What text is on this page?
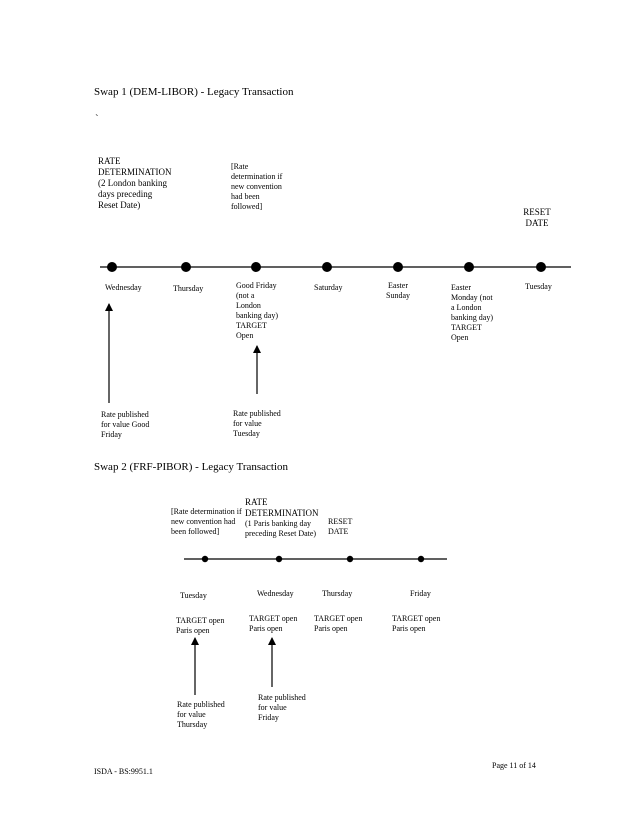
Swap 1 (DEM-LIBOR) - Legacy Transaction
`
RATE
DETERMINATION
(2 London banking
days preceding
Reset Date)
[Rate
determination if
new convention
had been
followed]
RESET
DATE
Wednesday	Thursday	Good Friday
(not a
London
banking day)
TARGET
Open
Saturday	Easter
Sunday
Easter
Monday (not
a London
banking day)
TARGET
Open
Tuesday
Rate published
for value Good
Friday
Rate published
for value
Tuesday
Swap 2 (FRF-PIBOR) - Legacy Transaction
[Rate determination if
new convention had
been followed]
RATE
DETERMINATION
(1 Paris banking day
preceding Reset Date)
RESET
DATE
Tuesday	Wednesday	Thursday	Friday
TARGET open
Paris open
TARGET open
Paris open
TARGET open
Paris open
TARGET open
Paris open
Rate published
for value
Thursday
Rate published
for value
Friday
Page 11 of 14
ISDA - BS:9951.1
